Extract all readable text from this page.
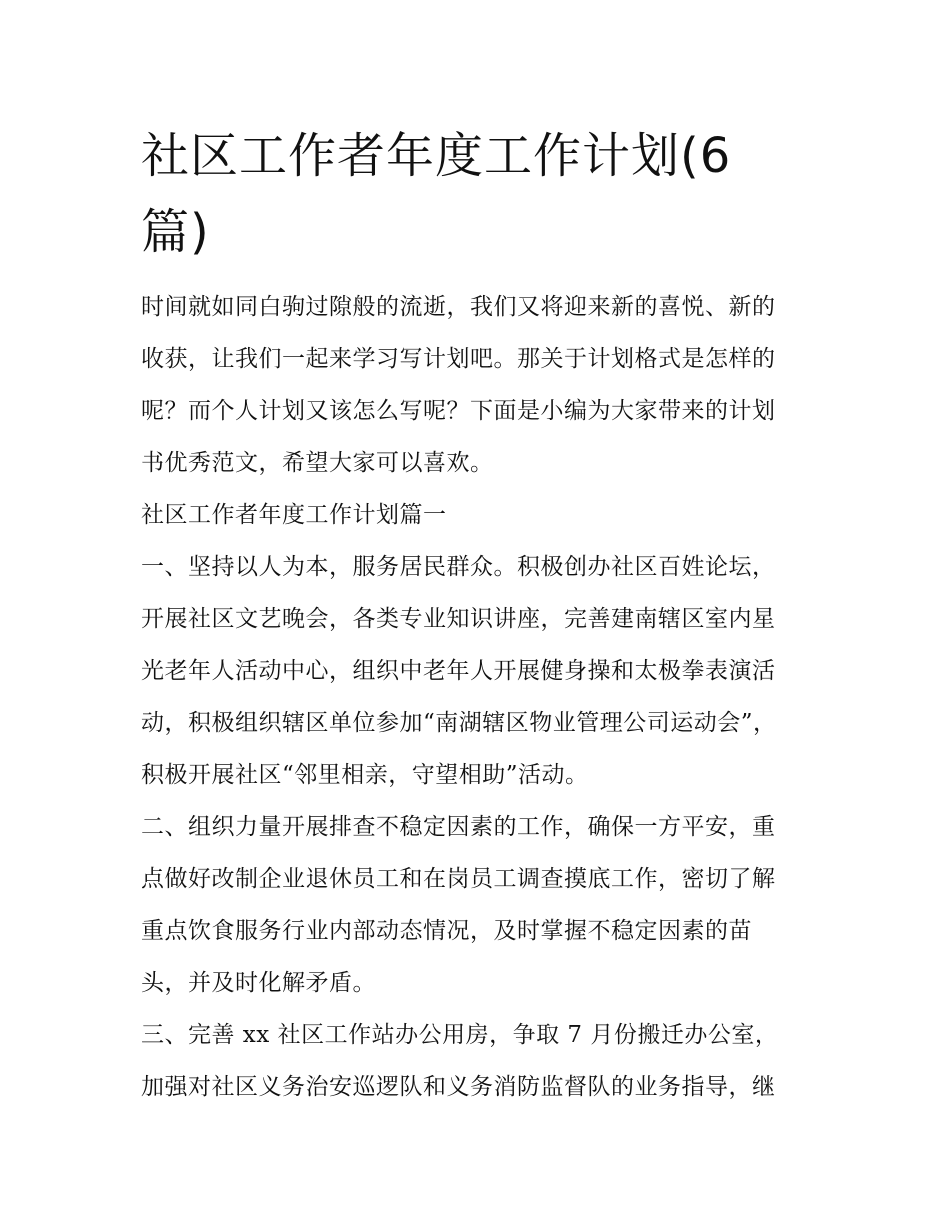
社区工作者年度工作计划(6
篇)
时间就如同白驹过隙般的流逝，我们又将迎来新的喜悦、新的
收获，让我们一起来学习写计划吧。那关于计划格式是怎样的
呢？而个人计划又该怎么写呢？下面是小编为大家带来的计划
书优秀范文，希望大家可以喜欢。
社区工作者年度工作计划篇一
一、坚持以人为本，服务居民群众。积极创办社区百姓论坛，
开展社区文艺晚会，各类专业知识讲座，完善建南辖区室内星
光老年人活动中心，组织中老年人开展健身操和太极拳表演活
动，积极组织辖区单位参加“南湖辖区物业管理公司运动会”，
积极开展社区“邻里相亲，守望相助”活动。
二、组织力量开展排查不稳定因素的工作，确保一方平安，重
点做好改制企业退休员工和在岗员工调查摸底工作，密切了解
重点饮食服务行业内部动态情况，及时掌握不稳定因素的苗
头，并及时化解矛盾。
三、完善 xx 社区工作站办公用房，争取 7 月份搬迁办公室，
加强对社区义务治安巡逻队和义务消防监督队的业务指导，继
